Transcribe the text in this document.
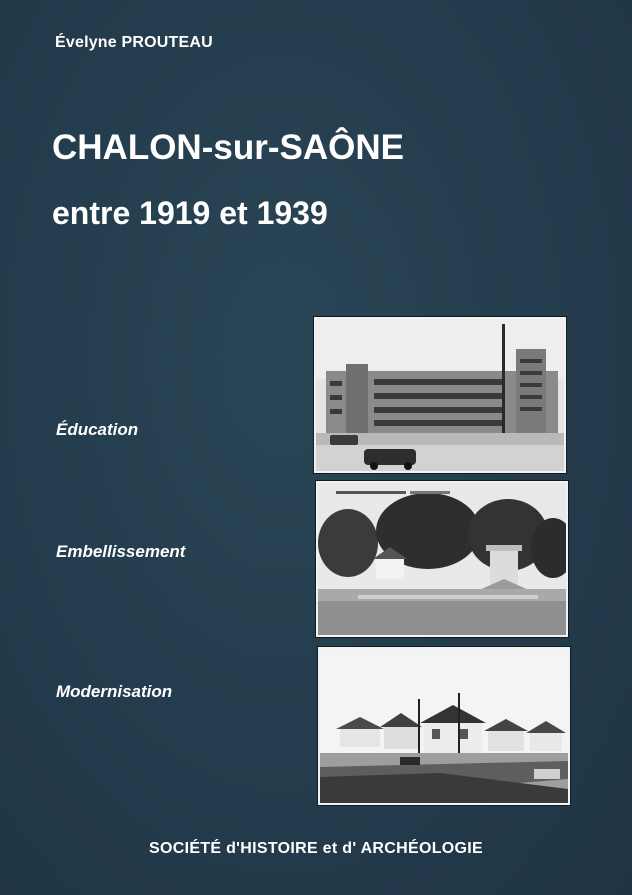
Évelyne PROUTEAU
CHALON-sur-SAÔNE
entre 1919 et 1939
Éducation
Embellissement
Modernisation
SOCIÉTÉ d'HISTOIRE et d' ARCHÉOLOGIE
